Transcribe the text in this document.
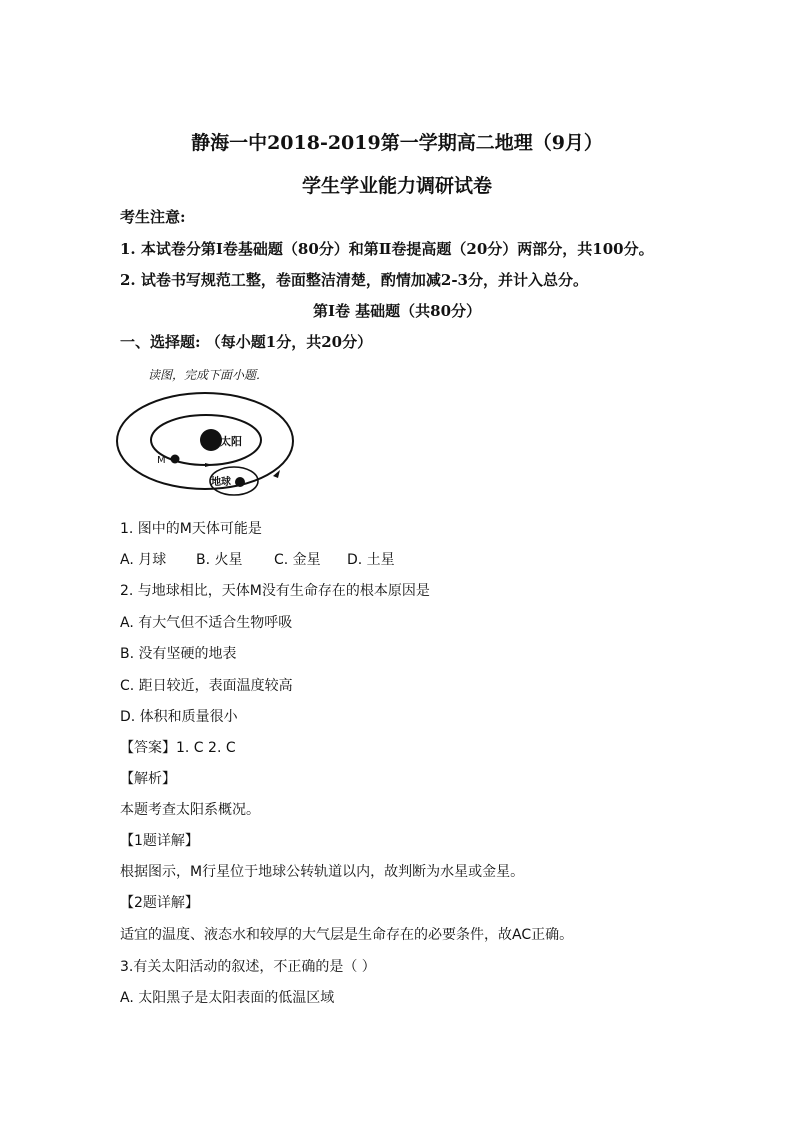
静海一中2018-2019第一学期高二地理（9月）
学生学业能力调研试卷
考生注意:
1. 本试卷分第Ⅰ卷基础题（80分）和第Ⅱ卷提高题（20分）两部分，共100分。
2. 试卷书写规范工整，卷面整洁清楚，酌情加减2-3分，并计入总分。
第Ⅰ卷 基础题（共80分）
一、选择题: （每小题1分，共20分）
读图，完成下面小题．
太阳
M
地球
1. 图中的M天体可能是
A. 月球 B. 火星 C. 金星 D. 土星
2. 与地球相比，天体M没有生命存在的根本原因是
A. 有大气但不适合生物呼吸
B. 没有坚硬的地表
C. 距日较近，表面温度较高
D. 体积和质量很小
【答案】1. C 2. C
【解析】
本题考查太阳系概况。
【1题详解】
根据图示，M行星位于地球公转轨道以内，故判断为水星或金星。
【2题详解】
适宜的温度、液态水和较厚的大气层是生命存在的必要条件，故AC正确。
3.有关太阳活动的叙述，不正确的是（ ）
A. 太阳黑子是太阳表面的低温区域
